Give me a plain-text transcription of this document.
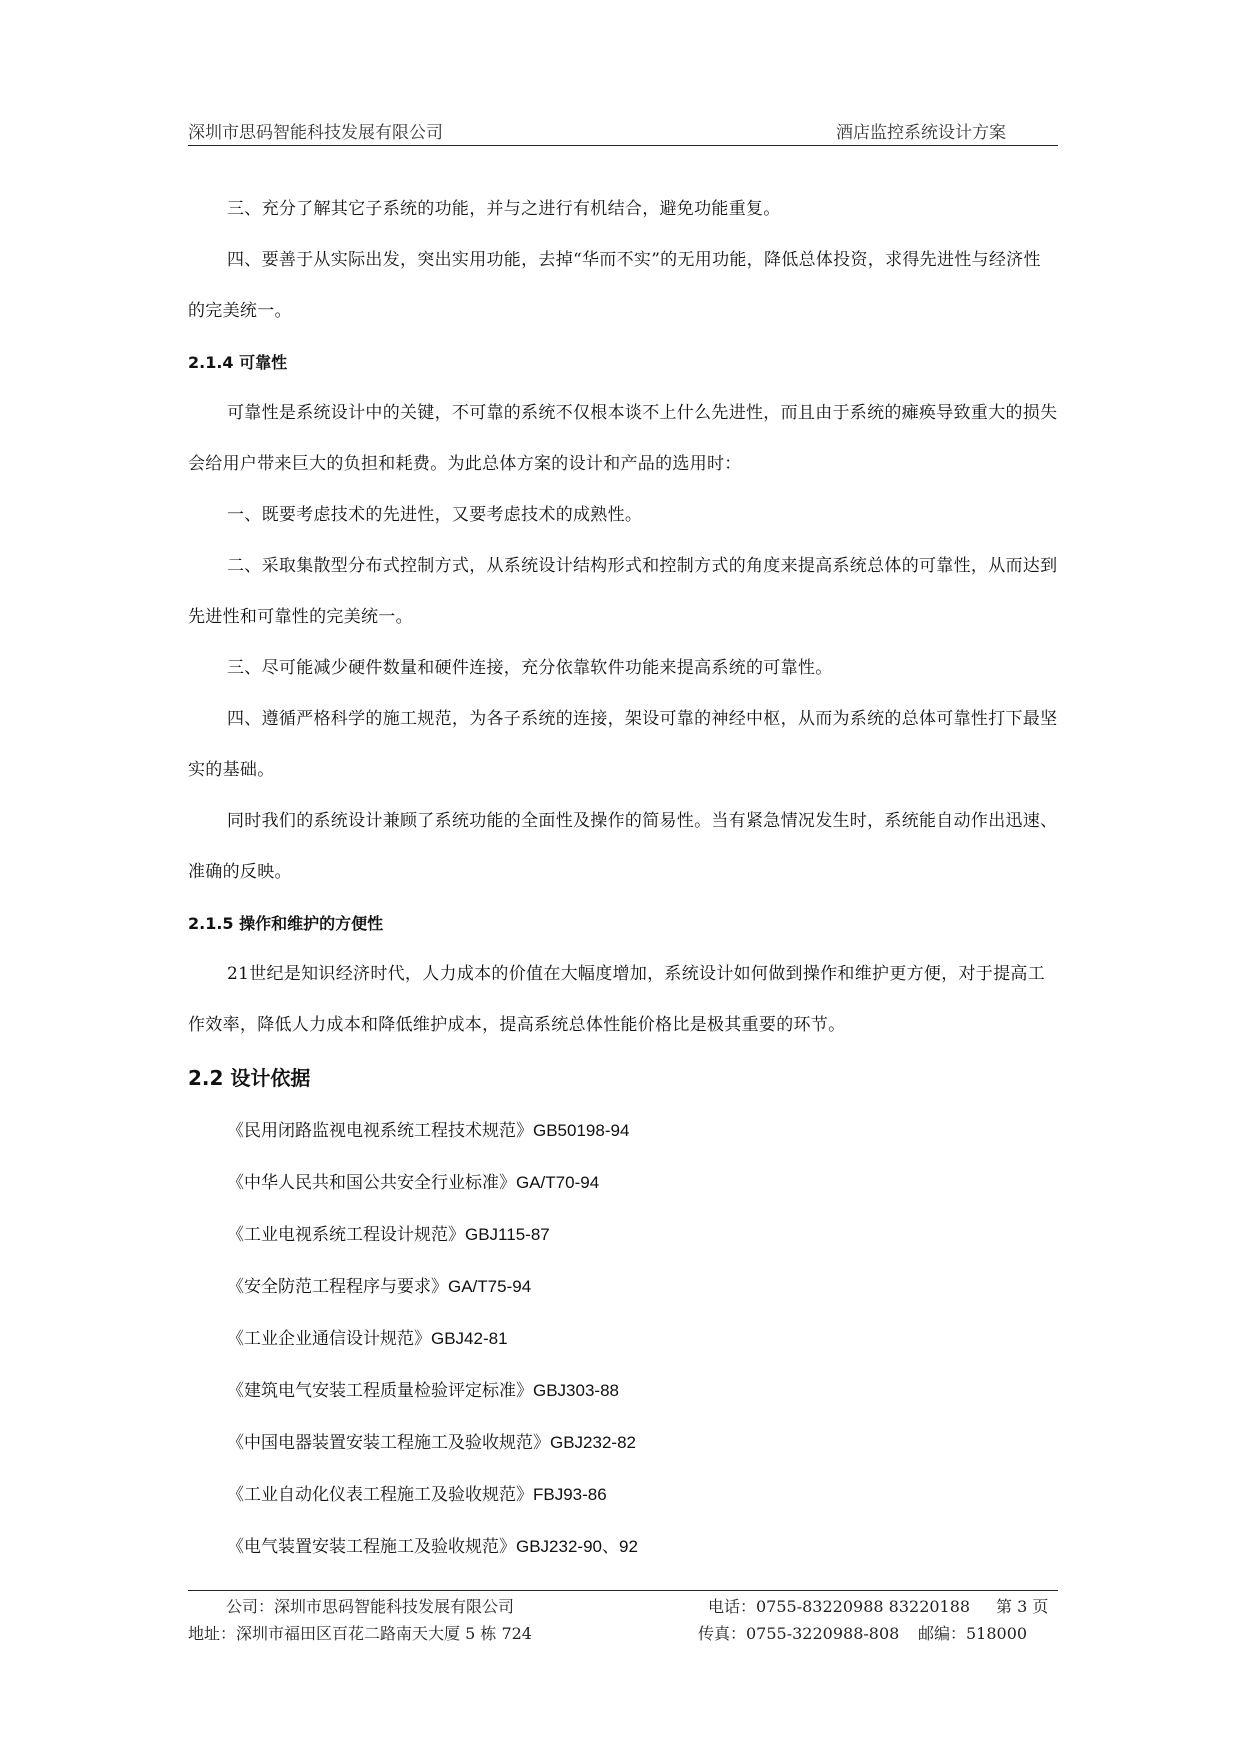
深圳市思码智能科技发展有限公司	酒店监控系统设计方案

三、充分了解其它子系统的功能，并与之进行有机结合，避免功能重复。

四、要善于从实际出发，突出实用功能，去掉“华而不实”的无用功能，降低总体投资，求得先进性与经济性的完美统一。

2.1.4 可靠性

可靠性是系统设计中的关键，不可靠的系统不仅根本谈不上什么先进性，而且由于系统的瘫痪导致重大的损失会给用户带来巨大的负担和耗费。为此总体方案的设计和产品的选用时：

一、既要考虑技术的先进性，又要考虑技术的成熟性。

二、采取集散型分布式控制方式，从系统设计结构形式和控制方式的角度来提高系统总体的可靠性，从而达到先进性和可靠性的完美统一。

三、尽可能减少硬件数量和硬件连接，充分依靠软件功能来提高系统的可靠性。

四、遵循严格科学的施工规范，为各子系统的连接，架设可靠的神经中枢，从而为系统的总体可靠性打下最坚实的基础。

同时我们的系统设计兼顾了系统功能的全面性及操作的简易性。当有紧急情况发生时，系统能自动作出迅速、准确的反映。

2.1.5 操作和维护的方便性

21世纪是知识经济时代，人力成本的价值在大幅度增加，系统设计如何做到操作和维护更方便，对于提高工作效率，降低人力成本和降低维护成本，提高系统总体性能价格比是极其重要的环节。

2.2 设计依据

《民用闭路监视电视系统工程技术规范》GB50198-94

《中华人民共和国公共安全行业标准》GA/T70-94

《工业电视系统工程设计规范》GBJ115-87

《安全防范工程程序与要求》GA/T75-94

《工业企业通信设计规范》GBJ42-81

《建筑电气安装工程质量检验评定标准》GBJ303-88

《中国电器装置安装工程施工及验收规范》GBJ232-82

《工业自动化仪表工程施工及验收规范》FBJ93-86

《电气装置安装工程施工及验收规范》GBJ232-90、92

公司：深圳市思码智能科技发展有限公司	电话：0755-83220988 83220188 第 3 页
地址：深圳市福田区百花二路南天大厦 5 栋 724	传真：0755-3220988-808 邮编：518000
